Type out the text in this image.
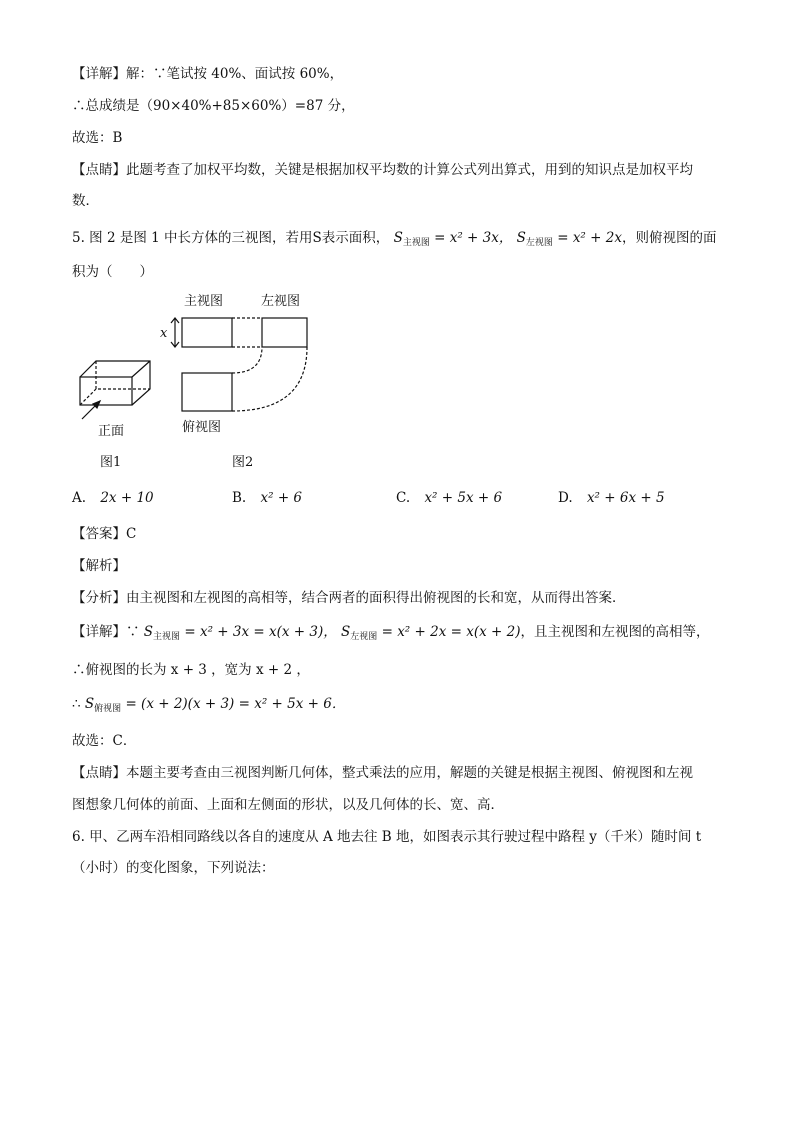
【详解】解：∵笔试按 40%、面试按 60%，
∴总成绩是（90×40%+85×60%）=87 分，
故选：B
【点睛】此题考查了加权平均数，关键是根据加权平均数的计算公式列出算式，用到的知识点是加权平均
数．
5. 图 2 是图 1 中长方体的三视图，若用S表示面积， $S_{主视图} = x^2 + 3x$， $S_{左视图} = x^2 + 2x$，则俯视图的面
积为（　　）
正面
图1	图2
主视图	左视图
俯视图
x
A. 2x + 10	B. x² + 6	C. x² + 5x + 6	D. x² + 6x + 5
【答案】C
【解析】
【分析】由主视图和左视图的高相等，结合两者的面积得出俯视图的长和宽，从而得出答案．
【详解】∵ $S_{主视图} = x^2 + 3x = x(x + 3)$， $S_{左视图} = x^2 + 2x = x(x + 2)$，且主视图和左视图的高相等，
∴俯视图的长为 x + 3 ，宽为 x + 2 ，
∴ $S_{俯视图} = (x + 2)(x + 3) = x^2 + 5x + 6$．
故选：C．
【点睛】本题主要考查由三视图判断几何体，整式乘法的应用，解题的关键是根据主视图、俯视图和左视
图想象几何体的前面、上面和左侧面的形状，以及几何体的长、宽、高．
6. 甲、乙两车沿相同路线以各自的速度从 A 地去往 B 地，如图表示其行驶过程中路程 y（千米）随时间 t
（小时）的变化图象，下列说法：
